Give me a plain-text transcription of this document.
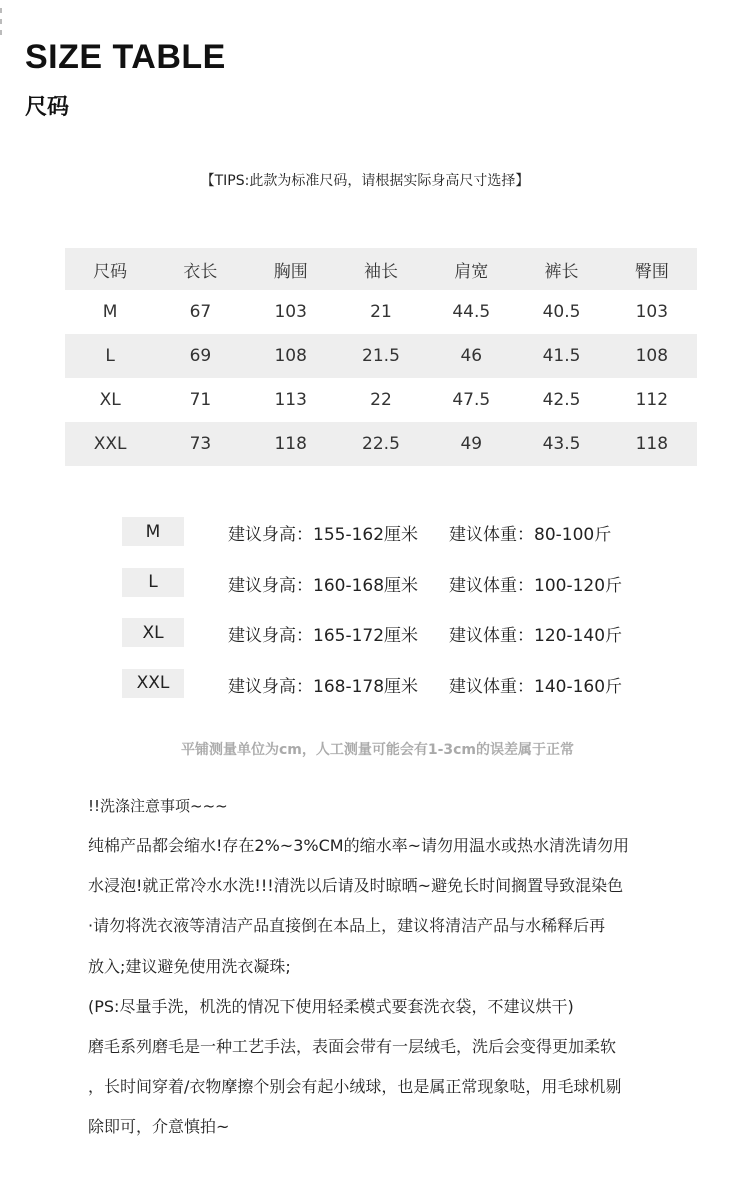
SIZE TABLE
尺码
【TIPS:此款为标准尺码，请根据实际身高尺寸选择】
尺码	衣长	胸围	袖长	肩宽	裤长	臀围
M	67	103	21	44.5	40.5	103
L	69	108	21.5	46	41.5	108
XL	71	113	22	47.5	42.5	112
XXL	73	118	22.5	49	43.5	118
M	建议身高：155-162厘米 建议体重：80-100斤
L	建议身高：160-168厘米 建议体重：100-120斤
XL	建议身高：165-172厘米 建议体重：120-140斤
XXL	建议身高：168-178厘米 建议体重：140-160斤
平铺测量单位为cm，人工测量可能会有1-3cm的误差属于正常
!!洗涤注意事项~~~
纯棉产品都会缩水!存在2%~3%CM的缩水率~请勿用温水或热水清洗请勿用
水浸泡!就正常冷水水洗!!!清洗以后请及时晾晒~避免长时间搁置导致混染色
·请勿将洗衣液等清洁产品直接倒在本品上，建议将清洁产品与水稀释后再
放入;建议避免使用洗衣凝珠;
(PS:尽量手洗，机洗的情况下使用轻柔模式要套洗衣袋，不建议烘干)
磨毛系列磨毛是一种工艺手法，表面会带有一层绒毛，洗后会变得更加柔软
，长时间穿着/衣物摩擦个别会有起小绒球，也是属正常现象哒，用毛球机剔
除即可，介意慎拍~
